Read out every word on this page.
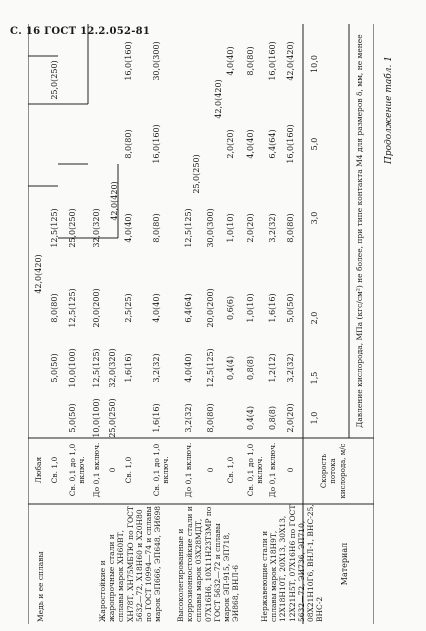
С. 16 ГОСТ 12.2.052-81
Продолжение табл. 1
Материал
Скорость потока кислорода, м/с
Давление кислорода, МПа (кгс/см²) не более, при типе контакта М4 для размеров δ, мм, не менее
1,0
1,5
2,0
3,0
5,0
10,0
Нержавеющие стали и сплавы марок Х18Н9Т, 12Х18Н10Т, 20Х13, 30Х13, 12Х21Н5Т, 07Х16Н6 по ГОСТ 5632—72, ЭИ736, ЭП710, 08Х21Н10Г6, ВНЛ-1, ВНС-25, ВНС-2
Высоколегированные и коррозионностойкие стали и сплавы марок 03Х28МДТ, 07Х16Н6, 10Х11Н23Т3МР по ГОСТ 5632—72 и сплавы марок ЭП-915, ЭП718, ЭИ868, ВНЛ-6
Жаростойкие и жаропрочные стали и сплавы марок ХН60ВТ, ХН78Т, ХН75МБТЮ по ГОСТ 5632—72, Х18Н60 и Х20Н80 по ГОСТ 10994—74 и сплавы марок ЭП666, ЭП648, ЭИ698
Медь и ее сплавы
0
До 0,1 включ.
Св. 0,1 до 1,0 включ.
Св. 1,0
2,0(20)
3,2(32)
5,0(50)
8,0(80)
16,0(160)
42,0(420)
0,8(8)
1,2(12)
1,6(16)
3,2(32)
6,4(64)
16,0(160)
0,4(4)
0,8(8)
1,0(10)
2,0(20)
4,0(40)
8,0(80)
0,4(4)
0,6(6)
1,0(10)
2,0(20)
4,0(40)
0
До 0,1 включ.
Св. 0,1 до 1,0 включ.
Св. 1,0
8,0(80)
12,5(125)
20,0(200)
30,0(300)
42,0(420)
3,2(32)
4,0(40)
6,4(64)
12,5(125)
25,0(250)
1,6(16)
3,2(32)
4,0(40)
8,0(80)
16,0(160)
30,0(300)
1,6(16)
2,5(25)
4,0(40)
8,0(80)
16,0(160)
0
До 0,1 включ.
Св. 0,1 до 1,0 включ.
Св. 1,0
25,0(250)
32,0(320)
42,0(420)
10,0(100)
12,5(125)
20,0(200)
32,0(320)
5,0(50)
10,0(100)
12,5(125)
25,0(250)
5,0(50)
8,0(80)
12,5(125)
25,0(250)
Любая
42,0(420)
